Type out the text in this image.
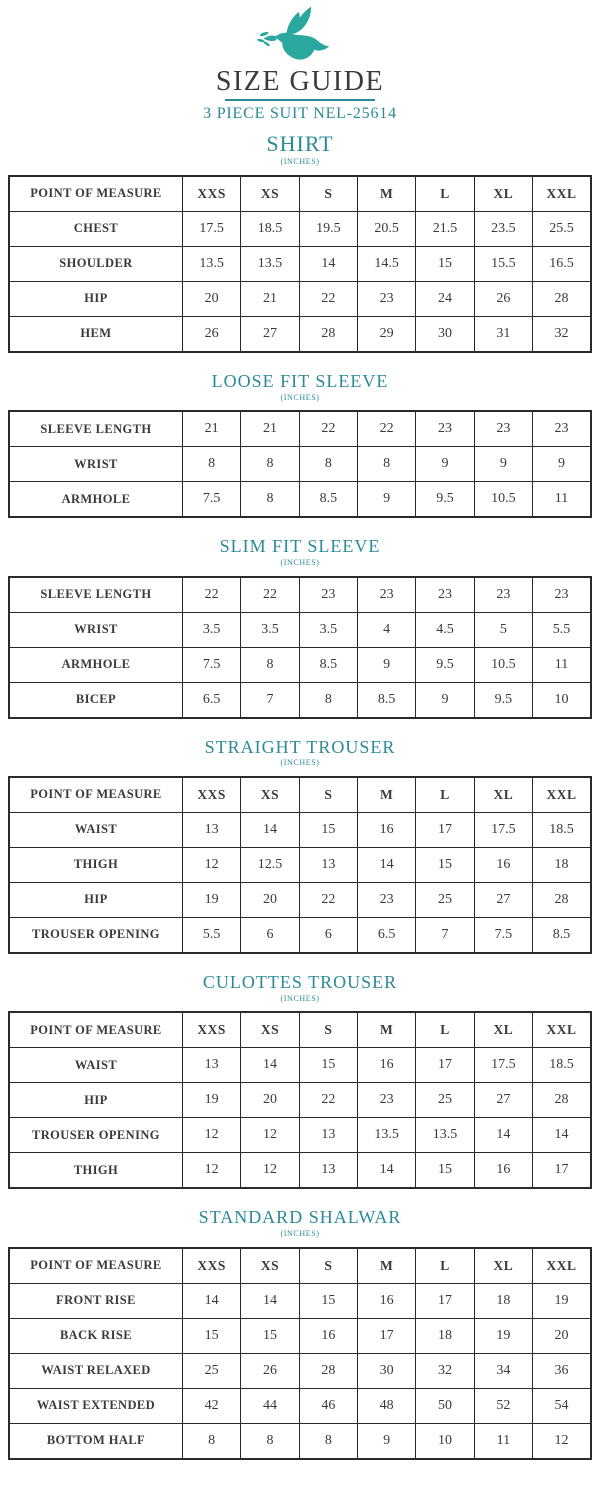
SIZE GUIDE
3 PIECE SUIT NEL-25614
SHIRT
(INCHES)
POINT OF MEASURE	XXS	XS	S	M	L	XL	XXL
CHEST	17.5	18.5	19.5	20.5	21.5	23.5	25.5
SHOULDER	13.5	13.5	14	14.5	15	15.5	16.5
HIP	20	21	22	23	24	26	28
HEM	26	27	28	29	30	31	32
LOOSE FIT SLEEVE
(INCHES)
SLEEVE LENGTH	21	21	22	22	23	23	23
WRIST	8	8	8	8	9	9	9
ARMHOLE	7.5	8	8.5	9	9.5	10.5	11
SLIM FIT SLEEVE
(INCHES)
SLEEVE LENGTH	22	22	23	23	23	23	23
WRIST	3.5	3.5	3.5	4	4.5	5	5.5
ARMHOLE	7.5	8	8.5	9	9.5	10.5	11
BICEP	6.5	7	8	8.5	9	9.5	10
STRAIGHT TROUSER
(INCHES)
POINT OF MEASURE	XXS	XS	S	M	L	XL	XXL
WAIST	13	14	15	16	17	17.5	18.5
THIGH	12	12.5	13	14	15	16	18
HIP	19	20	22	23	25	27	28
TROUSER OPENING	5.5	6	6	6.5	7	7.5	8.5
CULOTTES TROUSER
(INCHES)
POINT OF MEASURE	XXS	XS	S	M	L	XL	XXL
WAIST	13	14	15	16	17	17.5	18.5
HIP	19	20	22	23	25	27	28
TROUSER OPENING	12	12	13	13.5	13.5	14	14
THIGH	12	12	13	14	15	16	17
STANDARD SHALWAR
(INCHES)
POINT OF MEASURE	XXS	XS	S	M	L	XL	XXL
FRONT RISE	14	14	15	16	17	18	19
BACK RISE	15	15	16	17	18	19	20
WAIST RELAXED	25	26	28	30	32	34	36
WAIST EXTENDED	42	44	46	48	50	52	54
BOTTOM HALF	8	8	8	9	10	11	12
